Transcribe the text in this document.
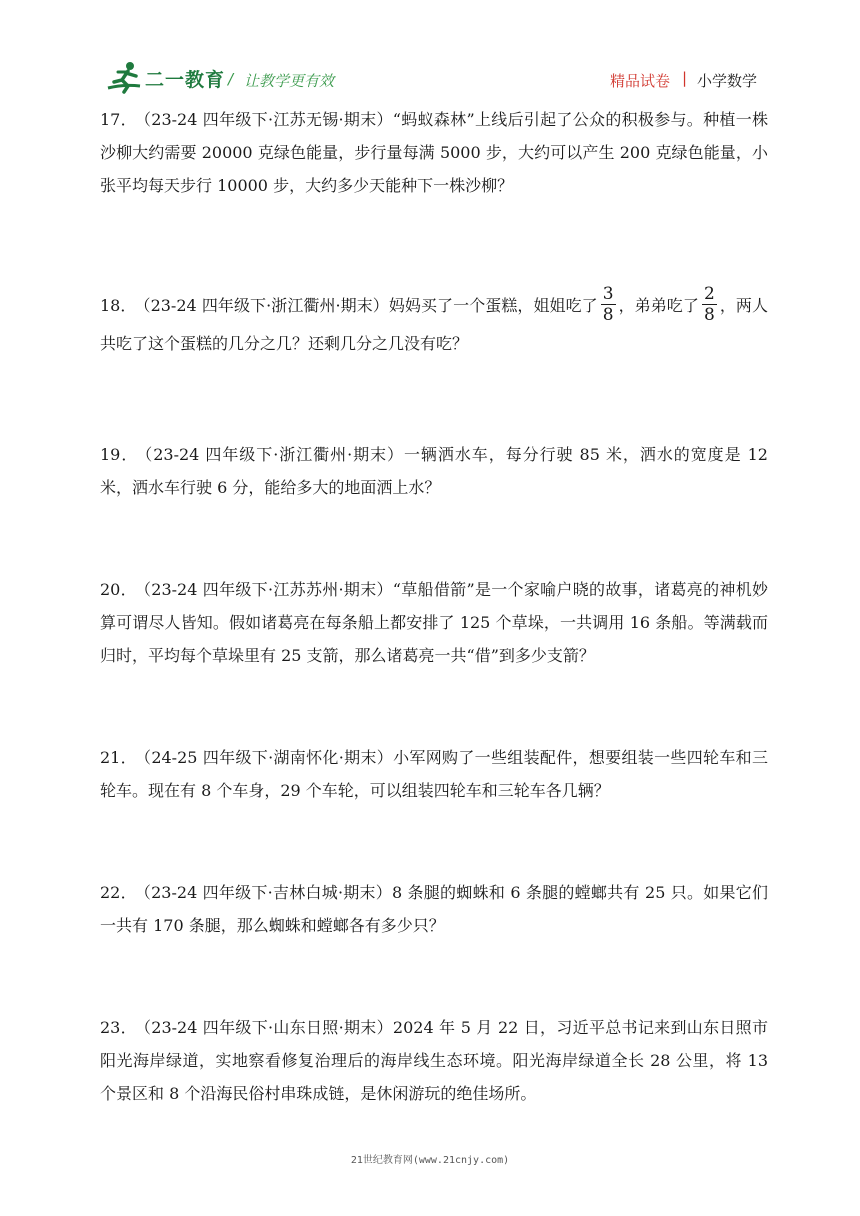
二一教育 / 让教学更有效	精品试卷 | 小学数学
17． （23-24 四年级下·江苏无锡·期末）“蚂蚁森林”上线后引起了公众的积极参与。种植一株沙柳大约需要 20000 克绿色能量，步行量每满 5000 步，大约可以产生 200 克绿色能量，小张平均每天步行 10000 步，大约多少天能种下一株沙柳？
18． （23-24 四年级下·浙江衢州·期末）妈妈买了一个蛋糕，姐姐吃了 $\frac{3}{8}$ ，弟弟吃了 $\frac{2}{8}$ ，两人共吃了这个蛋糕的几分之几？还剩几分之几没有吃？
19． （23-24 四年级下·浙江衢州·期末）一辆洒水车，每分行驶 85 米，洒水的宽度是 12 米，洒水车行驶 6 分，能给多大的地面洒上水？
20． （23-24 四年级下·江苏苏州·期末）“草船借箭”是一个家喻户晓的故事，诸葛亮的神机妙算可谓尽人皆知。假如诸葛亮在每条船上都安排了 125 个草垛，一共调用 16 条船。等满载而归时，平均每个草垛里有 25 支箭，那么诸葛亮一共“借”到多少支箭？
21． （24-25 四年级下·湖南怀化·期末）小军网购了一些组装配件，想要组装一些四轮车和三轮车。现在有 8 个车身，29 个车轮，可以组装四轮车和三轮车各几辆？
22． （23-24 四年级下·吉林白城·期末）8 条腿的蜘蛛和 6 条腿的螳螂共有 25 只。如果它们一共有 170 条腿，那么蜘蛛和螳螂各有多少只？
23． （23-24 四年级下·山东日照·期末）2024 年 5 月 22 日，习近平总书记来到山东日照市阳光海岸绿道，实地察看修复治理后的海岸线生态环境。阳光海岸绿道全长 28 公里，将 13 个景区和 8 个沿海民俗村串珠成链，是休闲游玩的绝佳场所。
21世纪教育网(www.21cnjy.com)
